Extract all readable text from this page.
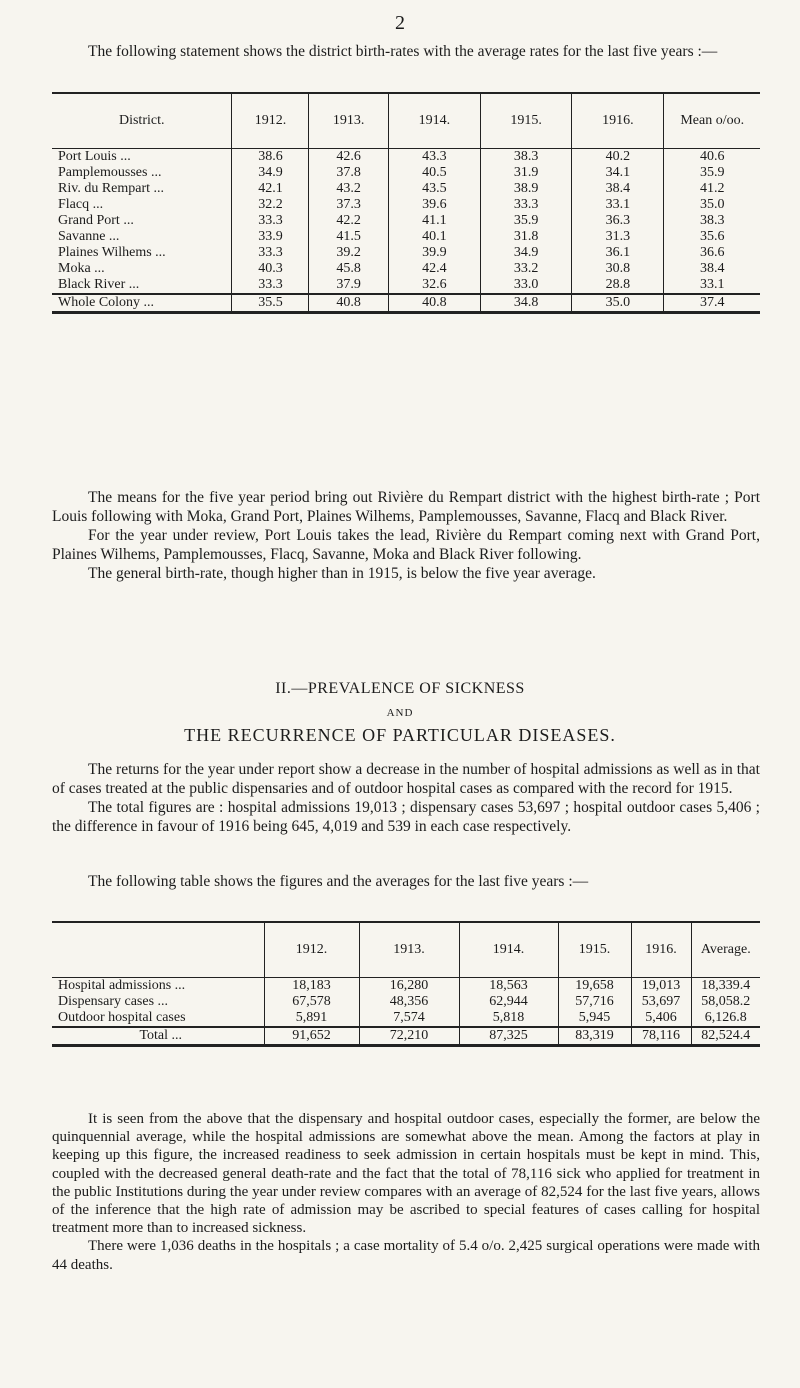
2

The following statement shows the district birth-rates with the average rates for the last five years :—

District.	1912.	1913.	1914.	1915.	1916.	Mean o/oo.
Port Louis ...	38.6	42.6	43.3	38.3	40.2	40.6
Pamplemousses ...	34.9	37.8	40.5	31.9	34.1	35.9
Riv. du Rempart ...	42.1	43.2	43.5	38.9	38.4	41.2
Flacq ...	32.2	37.3	39.6	33.3	33.1	35.0
Grand Port ...	33.3	42.2	41.1	35.9	36.3	38.3
Savanne ...	33.9	41.5	40.1	31.8	31.3	35.6
Plaines Wilhems ...	33.3	39.2	39.9	34.9	36.1	36.6
Moka ...	40.3	45.8	42.4	33.2	30.8	38.4
Black River ...	33.3	37.9	32.6	33.0	28.8	33.1
Whole Colony ...	35.5	40.8	40.8	34.8	35.0	37.4

The means for the five year period bring out Rivière du Rempart district with the highest birth-rate ; Port Louis following with Moka, Grand Port, Plaines Wilhems, Pamplemousses, Savanne, Flacq and Black River.

For the year under review, Port Louis takes the lead, Rivière du Rempart coming next with Grand Port, Plaines Wilhems, Pamplemousses, Flacq, Savanne, Moka and Black River following.

The general birth-rate, though higher than in 1915, is below the five year average.

II.—PREVALENCE OF SICKNESS
AND
THE RECURRENCE OF PARTICULAR DISEASES.

The returns for the year under report show a decrease in the number of hospital admissions as well as in that of cases treated at the public dispensaries and of outdoor hospital cases as compared with the record for 1915.

The total figures are : hospital admissions 19,013 ; dispensary cases 53,697 ; hospital outdoor cases 5,406 ; the difference in favour of 1916 being 645, 4,019 and 539 in each case respectively.

The following table shows the figures and the averages for the last five years :—

	1912.	1913.	1914.	1915.	1916.	Average.
Hospital admissions ...	18,183	16,280	18,563	19,658	19,013	18,339.4
Dispensary cases ...	67,578	48,356	62,944	57,716	53,697	58,058.2
Outdoor hospital cases	5,891	7,574	5,818	5,945	5,406	6,126.8
Total ...	91,652	72,210	87,325	83,319	78,116	82,524.4

It is seen from the above that the dispensary and hospital outdoor cases, especially the former, are below the quinquennial average, while the hospital admissions are somewhat above the mean. Among the factors at play in keeping up this figure, the increased readiness to seek admission in certain hospitals must be kept in mind. This, coupled with the decreased general death-rate and the fact that the total of 78,116 sick who applied for treatment in the public Institutions during the year under review compares with an average of 82,524 for the last five years, allows of the inference that the high rate of admission may be ascribed to special features of cases calling for hospital treatment more than to increased sickness.

There were 1,036 deaths in the hospitals ; a case mortality of 5.4 o/o. 2,425 surgical operations were made with 44 deaths.
